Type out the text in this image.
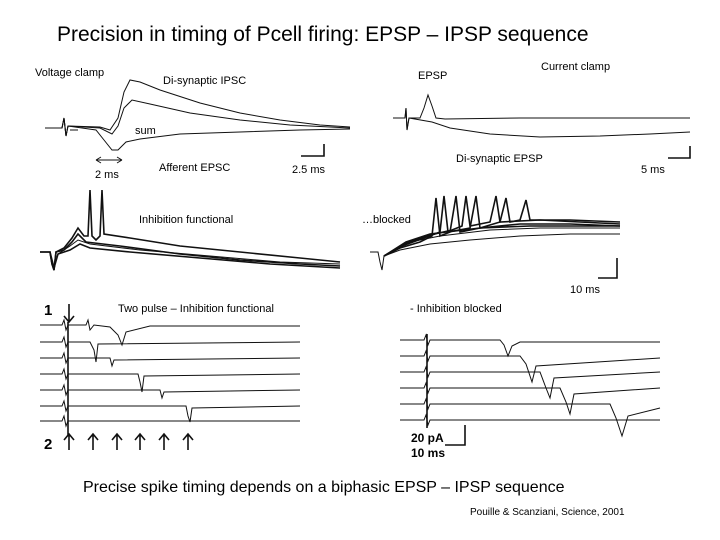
Precision in timing of Pcell firing: EPSP – IPSP sequence
Voltage clamp
Di-synaptic IPSC	EPSP
Current clamp
sum
Afferent EPSC
Di-synaptic EPSP
2 ms	2.5 ms	5 ms
Inhibition functional	…blocked
10 ms
Two pulse – Inhibition functional	- Inhibition blocked
1
2	20 pA
10 ms
Precise spike timing depends on a biphasic EPSP – IPSP sequence
Pouille & Scanziani, Science, 2001
